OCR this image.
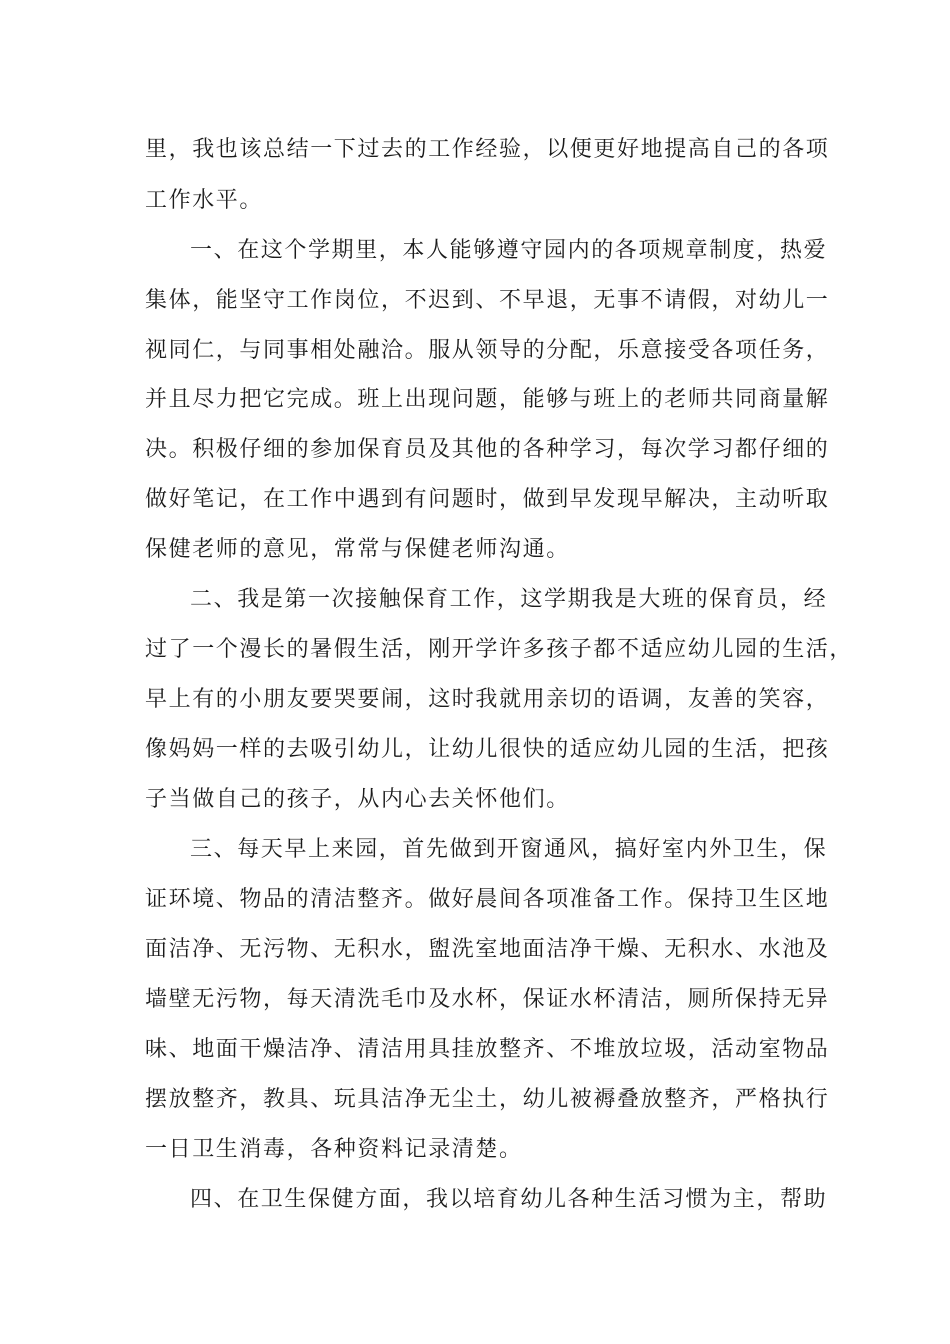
里，我也该总结一下过去的工作经验，以便更好地提高自己的各项
工作水平。
一、在这个学期里，本人能够遵守园内的各项规章制度，热爱
集体，能坚守工作岗位，不迟到、不早退，无事不请假，对幼儿一
视同仁，与同事相处融洽。服从领导的分配，乐意接受各项任务，
并且尽力把它完成。班上出现问题，能够与班上的老师共同商量解
决。积极仔细的参加保育员及其他的各种学习，每次学习都仔细的
做好笔记，在工作中遇到有问题时，做到早发现早解决，主动听取
保健老师的意见，常常与保健老师沟通。
二、我是第一次接触保育工作，这学期我是大班的保育员，经
过了一个漫长的暑假生活，刚开学许多孩子都不适应幼儿园的生活，
早上有的小朋友要哭要闹，这时我就用亲切的语调，友善的笑容，
像妈妈一样的去吸引幼儿，让幼儿很快的适应幼儿园的生活，把孩
子当做自己的孩子，从内心去关怀他们。
三、每天早上来园，首先做到开窗通风，搞好室内外卫生，保
证环境、物品的清洁整齐。做好晨间各项准备工作。保持卫生区地
面洁净、无污物、无积水，盥洗室地面洁净干燥、无积水、水池及
墙壁无污物，每天清洗毛巾及水杯，保证水杯清洁，厕所保持无异
味、地面干燥洁净、清洁用具挂放整齐、不堆放垃圾，活动室物品
摆放整齐，教具、玩具洁净无尘土，幼儿被褥叠放整齐，严格执行
一日卫生消毒，各种资料记录清楚。
四、在卫生保健方面，我以培育幼儿各种生活习惯为主，帮助
